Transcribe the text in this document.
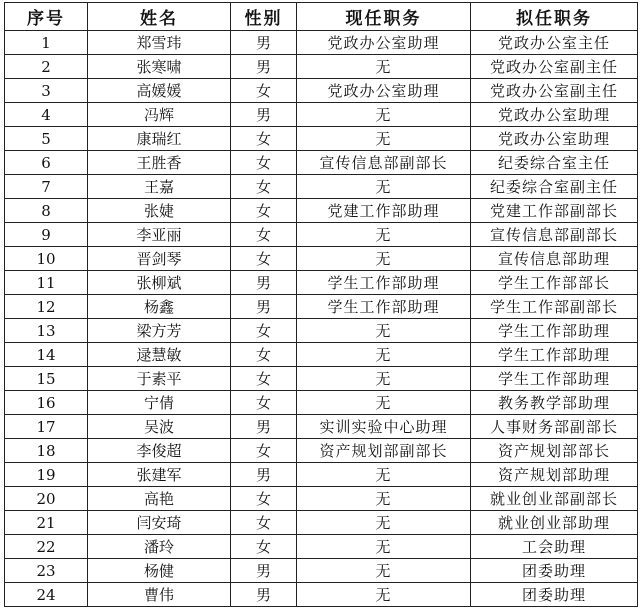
序号	姓名	性别	现任职务	拟任职务
1	郑雪玮	男	党政办公室助理	党政办公室主任
2	张寒啸	男	无	党政办公室副主任
3	高媛媛	女	党政办公室助理	党政办公室副主任
4	冯辉	男	无	党政办公室助理
5	康瑞红	女	无	党政办公室助理
6	王胜香	女	宣传信息部副部长	纪委综合室主任
7	王嘉	女	无	纪委综合室副主任
8	张婕	女	党建工作部助理	党建工作部副部长
9	李亚丽	女	无	宣传信息部副部长
10	晋剑琴	女	无	宣传信息部助理
11	张柳斌	男	学生工作部助理	学生工作部部长
12	杨鑫	男	学生工作部助理	学生工作部副部长
13	梁方芳	女	无	学生工作部助理
14	逯慧敏	女	无	学生工作部助理
15	于素平	女	无	学生工作部助理
16	宁倩	女	无	教务教学部助理
17	吴波	男	实训实验中心助理	人事财务部副部长
18	李俊超	女	资产规划部副部长	资产规划部部长
19	张建军	男	无	资产规划部助理
20	高艳	女	无	就业创业部副部长
21	闫安琦	女	无	就业创业部助理
22	潘玲	女	无	工会助理
23	杨健	男	无	团委助理
24	曹伟	男	无	团委助理
